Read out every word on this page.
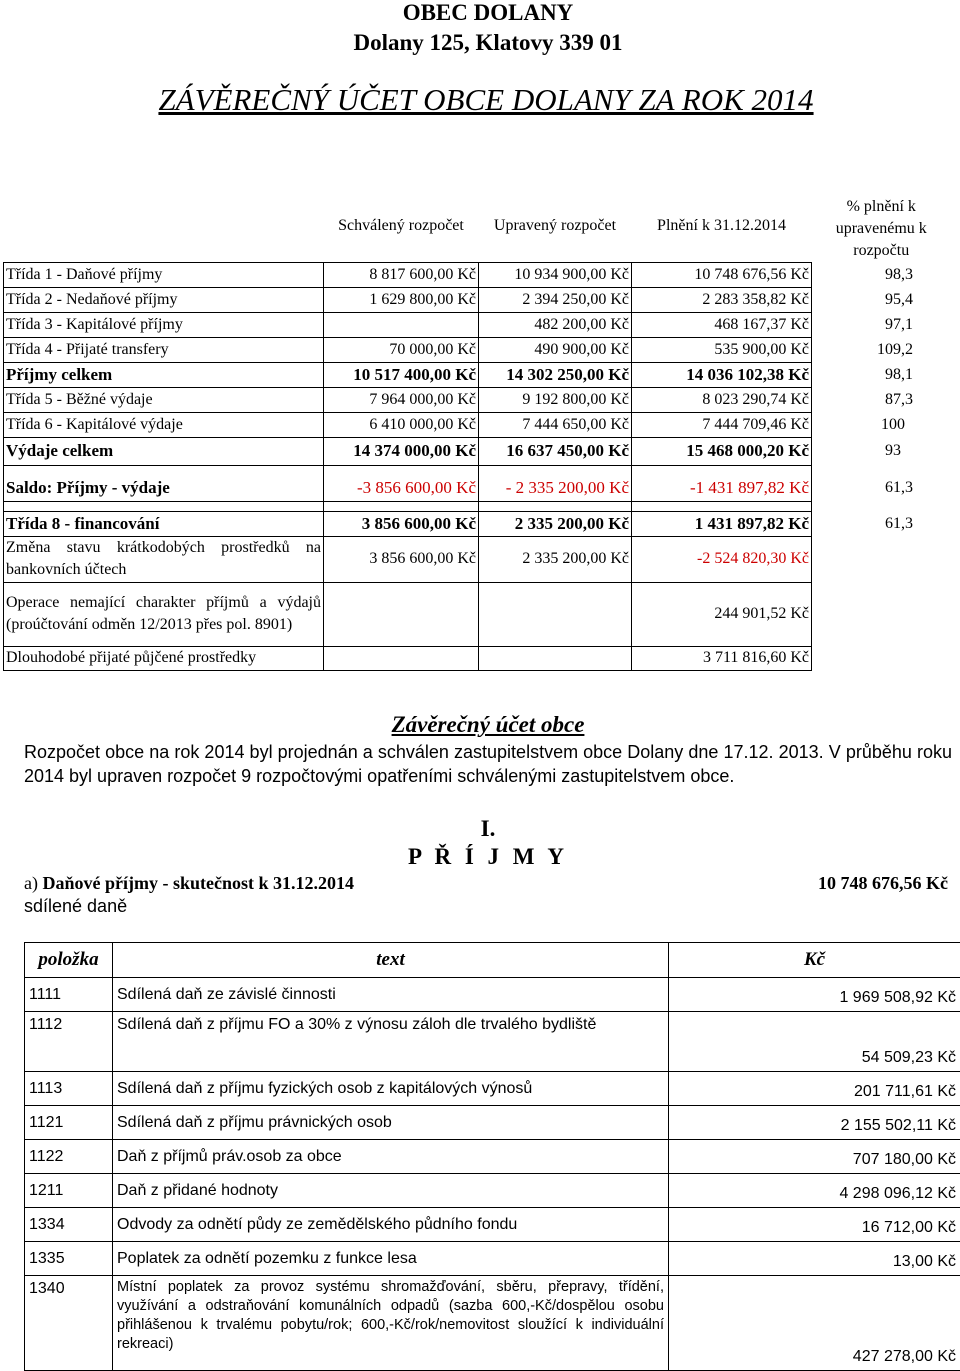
OBEC DOLANY
Dolany 125, Klatovy 339 01
ZÁVĚREČNÝ ÚČET OBCE DOLANY ZA ROK 2014
	Schválený rozpočet	Upravený rozpočet	Plnění k 31.12.2014	% plnění k upravenému k rozpočtu
Třída 1 - Daňové příjmy	8 817 600,00 Kč	10 934 900,00 Kč	10 748 676,56 Kč	98,3
Třída 2 - Nedaňové příjmy	1 629 800,00 Kč	2 394 250,00 Kč	2 283 358,82 Kč	95,4
Třída 3 - Kapitálové příjmy		482 200,00 Kč	468 167,37 Kč	97,1
Třída 4 - Přijaté transfery	70 000,00 Kč	490 900,00 Kč	535 900,00 Kč	109,2
Příjmy celkem	10 517 400,00 Kč	14 302 250,00 Kč	14 036 102,38 Kč	98,1
Třída 5 - Běžné výdaje	7 964 000,00 Kč	9 192 800,00 Kč	8 023 290,74 Kč	87,3
Třída 6 - Kapitálové výdaje	6 410 000,00 Kč	7 444 650,00 Kč	7 444 709,46 Kč	100
Výdaje celkem	14 374 000,00 Kč	16 637 450,00 Kč	15 468 000,20 Kč	93

Saldo: Příjmy - výdaje	-3 856 600,00 Kč	- 2 335 200,00 Kč	-1 431 897,82 Kč	61,3

Třída 8 - financování	3 856 600,00 Kč	2 335 200,00 Kč	1 431 897,82 Kč	61,3
Změna stavu krátkodobých prostředků na bankovních účtech	3 856 600,00 Kč	2 335 200,00 Kč	-2 524 820,30 Kč	
Operace nemající charakter příjmů a výdajů (proúčtování odměn 12/2013 přes pol. 8901)			244 901,52 Kč	
Dlouhodobé přijaté půjčené prostředky			3 711 816,60 Kč	
Závěrečný účet obce
Rozpočet obce na rok 2014 byl projednán a schválen zastupitelstvem obce Dolany dne 17.12. 2013. V průběhu roku 2014 byl upraven rozpočet 9 rozpočtovými opatřeními schválenými zastupitelstvem obce.
I.
P Ř Í J M Y
a) Daňové příjmy - skutečnost k 31.12.2014	10 748 676,56 Kč
sdílené daně
položka	text	Kč
1111	Sdílená daň ze závislé činnosti	1 969 508,92 Kč
1112	Sdílená daň z příjmu FO a 30% z výnosu záloh dle trvalého bydliště	54 509,23 Kč
1113	Sdílená daň z příjmu fyzických osob z kapitálových výnosů	201 711,61 Kč
1121	Sdílená daň z příjmu právnických osob	2 155 502,11 Kč
1122	Daň z příjmů práv.osob za obce	707 180,00 Kč
1211	Daň z přidané hodnoty	4 298 096,12 Kč
1334	Odvody za odnětí půdy ze zemědělského půdního fondu	16 712,00 Kč
1335	Poplatek za odnětí pozemku z funkce lesa	13,00 Kč
1340	Místní poplatek za provoz systému shromažďování, sběru, přepravy, třídění, využívání a odstraňování komunálních odpadů (sazba 600,-Kč/dospělou osobu přihlášenou k trvalému pobytu/rok; 600,-Kč/rok/nemovitost sloužící k individuální rekreaci)	427 278,00 Kč
